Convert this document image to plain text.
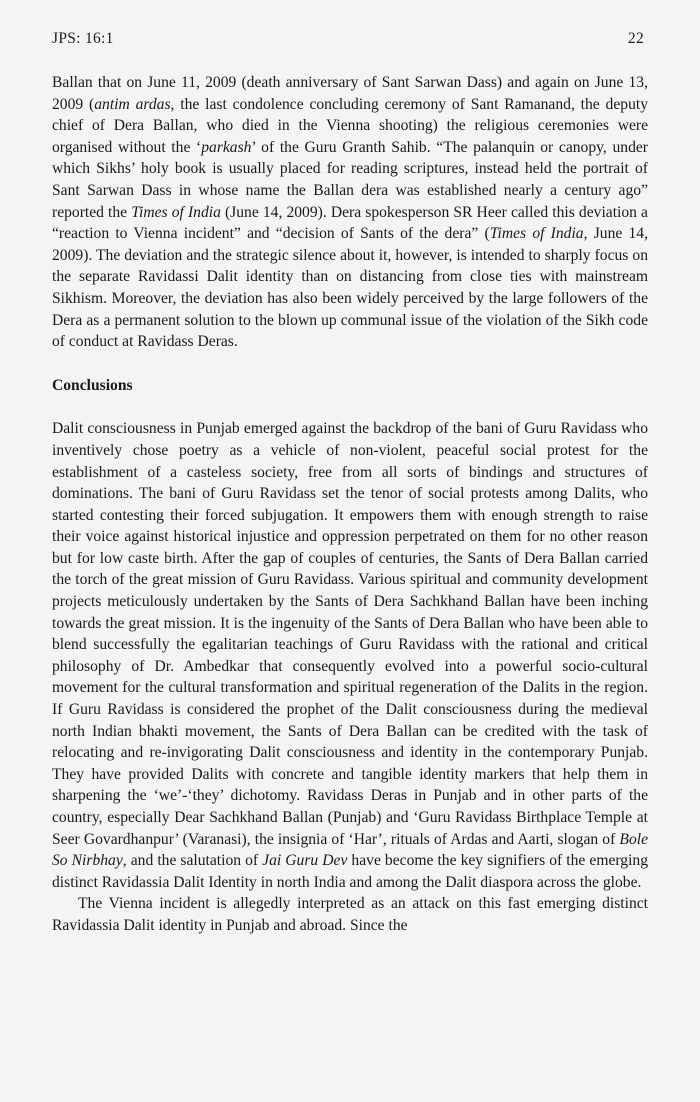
JPS: 16:1	22

Ballan that on June 11, 2009 (death anniversary of Sant Sarwan Dass) and again on June 13, 2009 (antim ardas, the last condolence concluding ceremony of Sant Ramanand, the deputy chief of Dera Ballan, who died in the Vienna shooting) the religious ceremonies were organised without the ‘parkash’ of the Guru Granth Sahib. “The palanquin or canopy, under which Sikhs’ holy book is usually placed for reading scriptures, instead held the portrait of Sant Sarwan Dass in whose name the Ballan dera was established nearly a century ago” reported the Times of India (June 14, 2009). Dera spokesperson SR Heer called this deviation a “reaction to Vienna incident” and “decision of Sants of the dera” (Times of India, June 14, 2009). The deviation and the strategic silence about it, however, is intended to sharply focus on the separate Ravidassi Dalit identity than on distancing from close ties with mainstream Sikhism. Moreover, the deviation has also been widely perceived by the large followers of the Dera as a permanent solution to the blown up communal issue of the violation of the Sikh code of conduct at Ravidass Deras.

Conclusions

Dalit consciousness in Punjab emerged against the backdrop of the bani of Guru Ravidass who inventively chose poetry as a vehicle of non-violent, peaceful social protest for the establishment of a casteless society, free from all sorts of bindings and structures of dominations. The bani of Guru Ravidass set the tenor of social protests among Dalits, who started contesting their forced subjugation. It empowers them with enough strength to raise their voice against historical injustice and oppression perpetrated on them for no other reason but for low caste birth. After the gap of couples of centuries, the Sants of Dera Ballan carried the torch of the great mission of Guru Ravidass. Various spiritual and community development projects meticulously undertaken by the Sants of Dera Sachkhand Ballan have been inching towards the great mission. It is the ingenuity of the Sants of Dera Ballan who have been able to blend successfully the egalitarian teachings of Guru Ravidass with the rational and critical philosophy of Dr. Ambedkar that consequently evolved into a powerful socio-cultural movement for the cultural transformation and spiritual regeneration of the Dalits in the region. If Guru Ravidass is considered the prophet of the Dalit consciousness during the medieval north Indian bhakti movement, the Sants of Dera Ballan can be credited with the task of relocating and re-invigorating Dalit consciousness and identity in the contemporary Punjab. They have provided Dalits with concrete and tangible identity markers that help them in sharpening the ‘we’-‘they’ dichotomy. Ravidass Deras in Punjab and in other parts of the country, especially Dear Sachkhand Ballan (Punjab) and ‘Guru Ravidass Birthplace Temple at Seer Govardhanpur’ (Varanasi), the insignia of ‘Har’, rituals of Ardas and Aarti, slogan of Bole So Nirbhay, and the salutation of Jai Guru Dev have become the key signifiers of the emerging distinct Ravidassia Dalit Identity in north India and among the Dalit diaspora across the globe.

The Vienna incident is allegedly interpreted as an attack on this fast emerging distinct Ravidassia Dalit identity in Punjab and abroad. Since the
